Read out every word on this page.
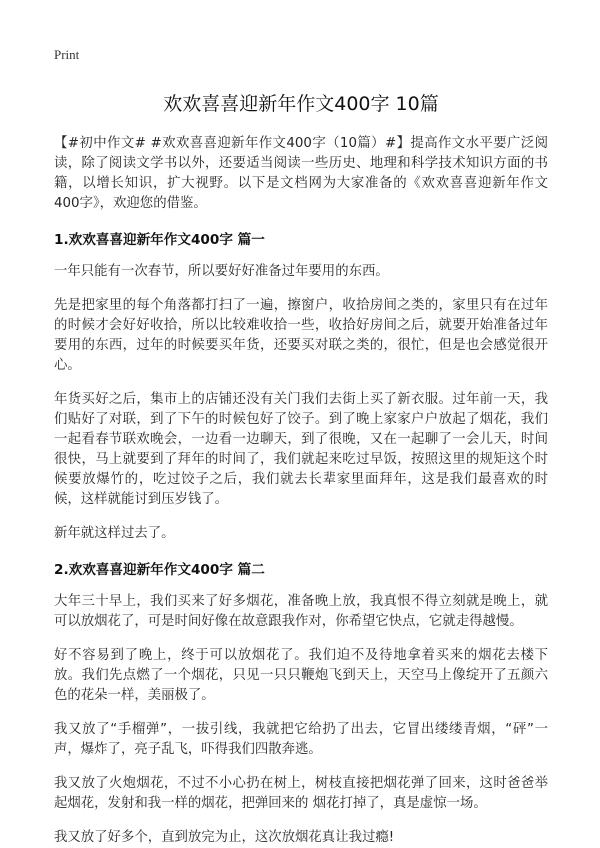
Print
欢欢喜喜迎新年作文400字 10篇

【#初中作文# #欢欢喜喜迎新年作文400字（10篇）#】提高作文水平要广泛阅读，除了阅读文学书以外，还要适当阅读一些历史、地理和科学技术知识方面的书籍，以增长知识，扩大视野。以下是文档网为大家准备的《欢欢喜喜迎新年作文400字》，欢迎您的借鉴。

1.欢欢喜喜迎新年作文400字 篇一

一年只能有一次春节，所以要好好准备过年要用的东西。

先是把家里的每个角落都打扫了一遍，擦窗户，收拾房间之类的，家里只有在过年的时候才会好好收拾，所以比较难收拾一些，收拾好房间之后，就要开始准备过年要用的东西，过年的时候要买年货，还要买对联之类的，很忙，但是也会感觉很开心。

年货买好之后，集市上的店铺还没有关门我们去街上买了新衣服。过年前一天，我们贴好了对联，到了下午的时候包好了饺子。到了晚上家家户户放起了烟花，我们一起看春节联欢晚会，一边看一边聊天，到了很晚，又在一起聊了一会儿天，时间很快，马上就要到了拜年的时间了，我们就起来吃过早饭，按照这里的规矩这个时候要放爆竹的，吃过饺子之后，我们就去长辈家里面拜年，这是我们最喜欢的时候，这样就能讨到压岁钱了。

新年就这样过去了。

2.欢欢喜喜迎新年作文400字 篇二

大年三十早上，我们买来了好多烟花，准备晚上放，我真恨不得立刻就是晚上，就可以放烟花了，可是时间好像在故意跟我作对，你希望它快点，它就走得越慢。

好不容易到了晚上，终于可以放烟花了。我们迫不及待地拿着买来的烟花去楼下放。我们先点燃了一个烟花，只见一只只鞭炮飞到天上，天空马上像绽开了五颜六色的花朵一样，美丽极了。

我又放了“手榴弹”，一拔引线，我就把它给扔了出去，它冒出缕缕青烟，“砰”一声，爆炸了，亮子乱飞，吓得我们四散奔逃。

我又放了火炮烟花，不过不小心扔在树上，树枝直接把烟花弹了回来，这时爸爸举起烟花，发射和我一样的烟花，把弹回来的 烟花打掉了，真是虚惊一场。

我又放了好多个，直到放完为止，这次放烟花真让我过瘾!
